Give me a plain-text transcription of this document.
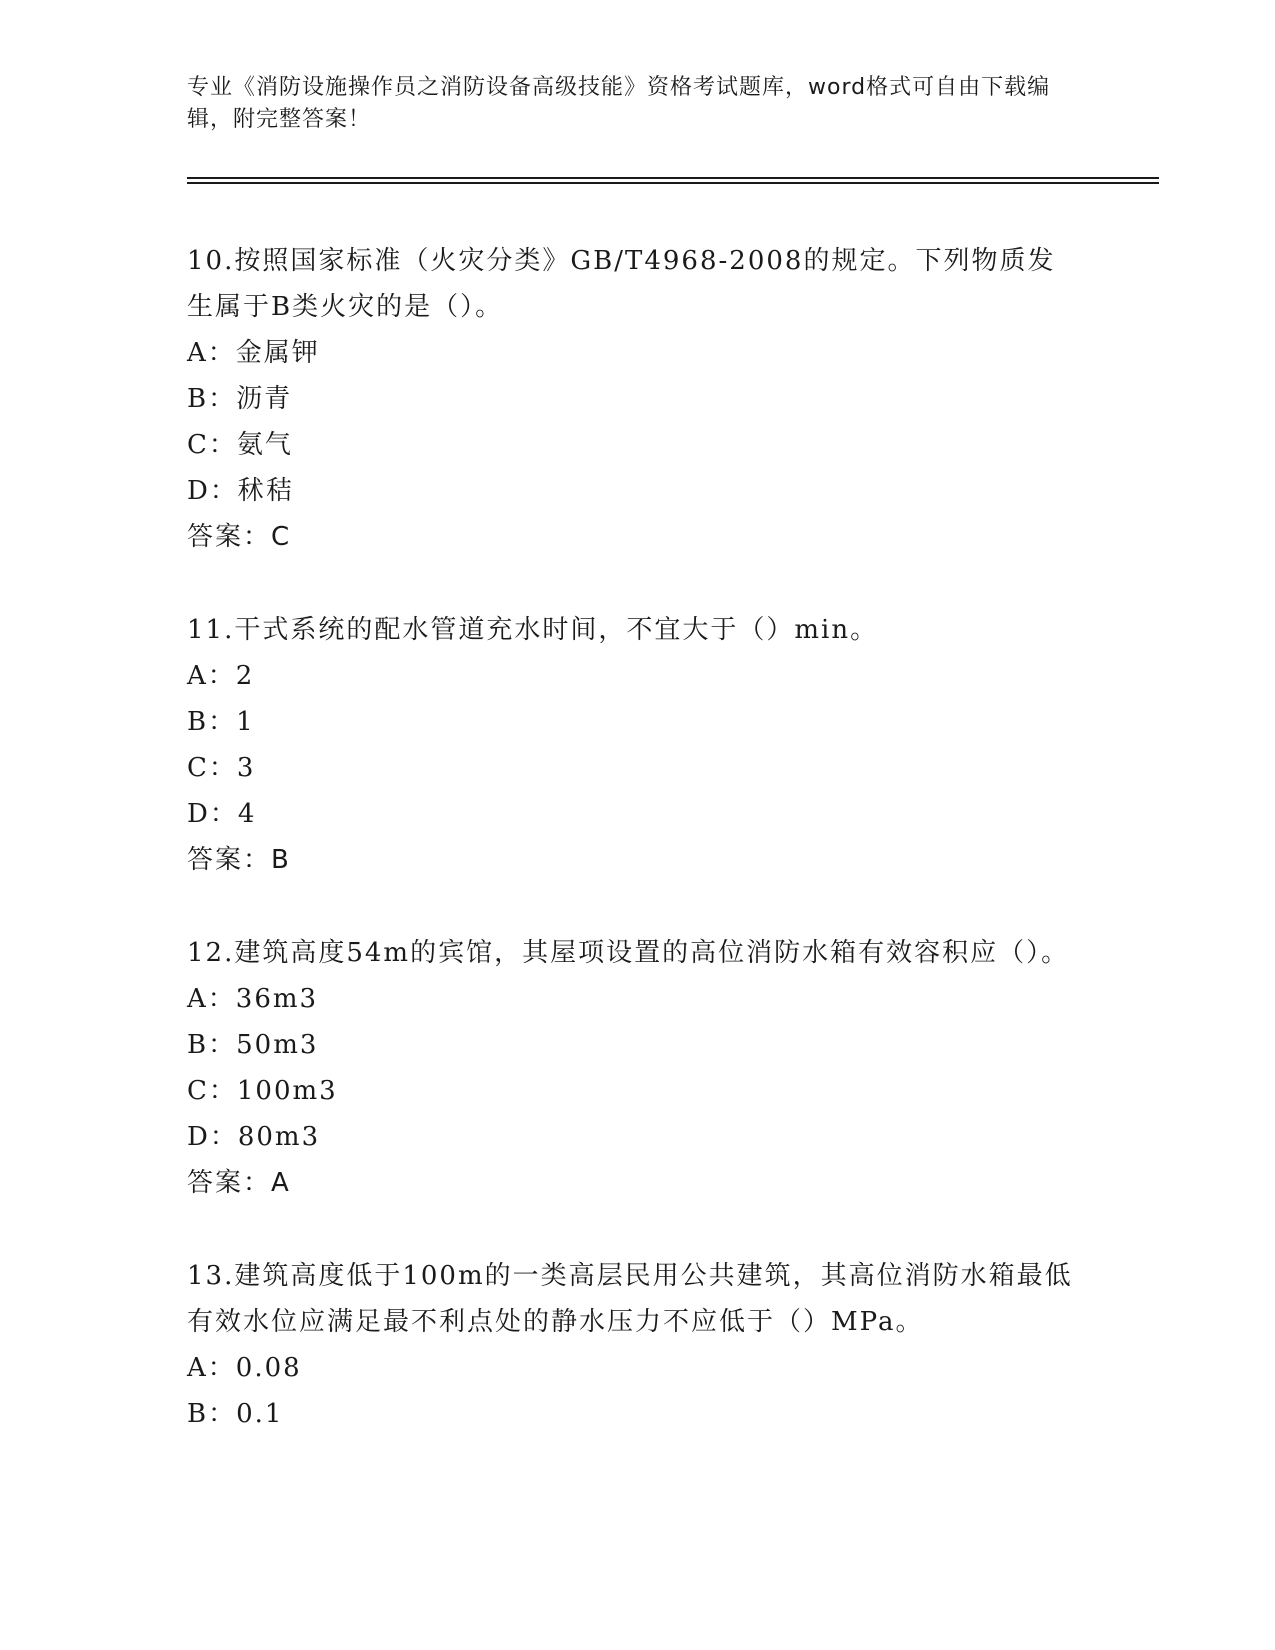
专业《消防设施操作员之消防设备高级技能》资格考试题库，word格式可自由下载编辑，附完整答案！
10.按照国家标准（火灾分类》GB/T4968-2008的规定。下列物质发生属于B类火灾的是（）。
A：金属钾
B：沥青
C：氨气
D：秫秸
答案：C
11.干式系统的配水管道充水时间，不宜大于（）min。
A：2
B：1
C：3
D：4
答案：B
12.建筑高度54m的宾馆，其屋项设置的高位消防水箱有效容积应（）。
A：36m3
B：50m3
C：100m3
D：80m3
答案：A
13.建筑高度低于100m的一类高层民用公共建筑，其高位消防水箱最低有效水位应满足最不利点处的静水压力不应低于（）MPa。
A：0.08
B：0.1
